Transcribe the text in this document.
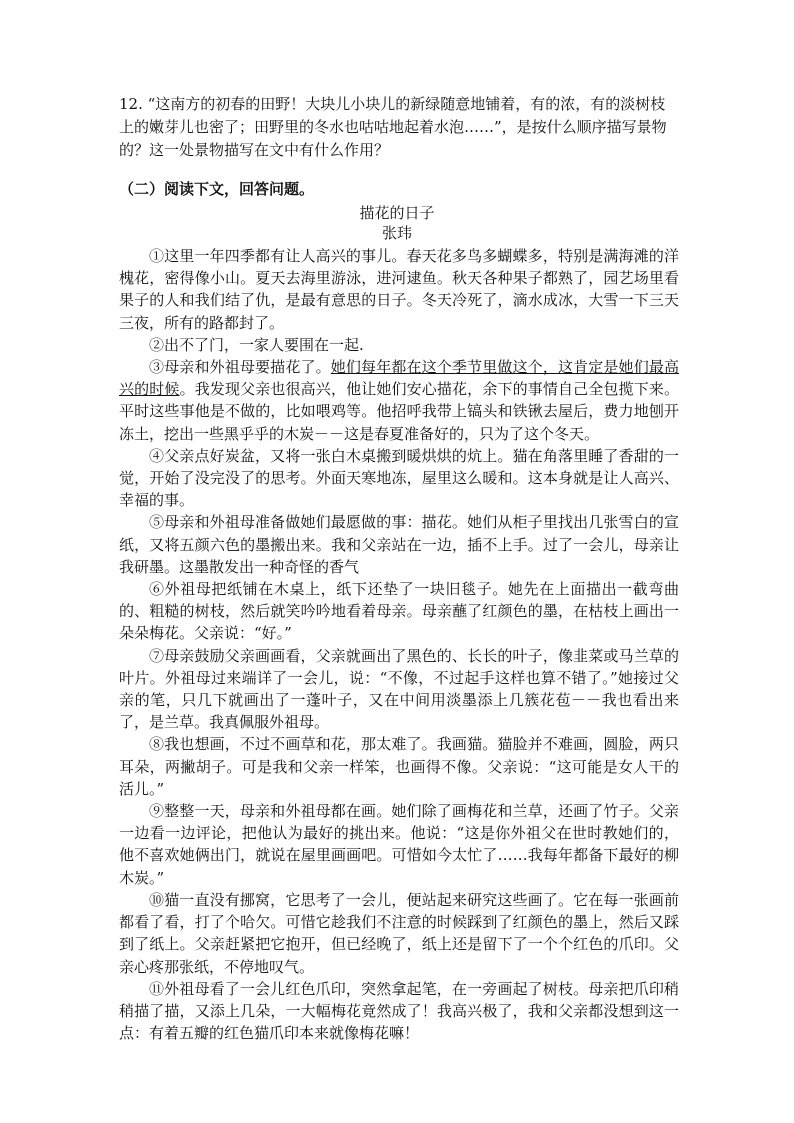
12. “这南方的初春的田野！大块儿小块儿的新绿随意地铺着，有的浓，有的淡树枝上的嫩芽儿也密了；田野里的冬水也咕咕地起着水泡……”，是按什么顺序描写景物的？这一处景物描写在文中有什么作用？
（二）阅读下文，回答问题。
描花的日子
张玮

①这里一年四季都有让人高兴的事儿。春天花多鸟多蝴蝶多，特别是满海滩的洋槐花，密得像小山。夏天去海里游泳，进河逮鱼。秋天各种果子都熟了，园艺场里看果子的人和我们结了仇，是最有意思的日子。冬天冷死了，滴水成冰，大雪一下三天三夜，所有的路都封了。

②出不了门，一家人要围在一起.

③母亲和外祖母要描花了。她们每年都在这个季节里做这个，这肯定是她们最高兴的时候。我发现父亲也很高兴，他让她们安心描花，余下的事情自己全包揽下来。平时这些事他是不做的，比如喂鸡等。他招呼我带上镐头和铁锹去屋后，费力地刨开冻土，挖出一些黑乎乎的木炭－－这是春夏准备好的，只为了这个冬天。

④父亲点好炭盆，又将一张白木桌搬到暖烘烘的炕上。猫在角落里睡了香甜的一觉，开始了没完没了的思考。外面天寒地冻，屋里这么暖和。这本身就是让人高兴、幸福的事。

⑤母亲和外祖母准备做她们最愿做的事：描花。她们从柜子里找出几张雪白的宣纸，又将五颜六色的墨搬出来。我和父亲站在一边，插不上手。过了一会儿，母亲让我研墨。这墨散发出一种奇怪的香气

⑥外祖母把纸铺在木桌上，纸下还垫了一块旧毯子。她先在上面描出一截弯曲的、粗糙的树枝，然后就笑吟吟地看着母亲。母亲蘸了红颜色的墨，在枯枝上画出一朵朵梅花。父亲说：“好。”

⑦母亲鼓励父亲画画看，父亲就画出了黑色的、长长的叶子，像韭菜或马兰草的叶片。外祖母过来端详了一会儿，说：“不像，不过起手这样也算不错了。”她接过父亲的笔，只几下就画出了一蓬叶子，又在中间用淡墨添上几簇花苞－－我也看出来了，是兰草。我真佩服外祖母。

⑧我也想画，不过不画草和花，那太难了。我画猫。猫脸并不难画，圆脸，两只耳朵，两撇胡子。可是我和父亲一样笨，也画得不像。父亲说：“这可能是女人干的活儿。”

⑨整整一天，母亲和外祖母都在画。她们除了画梅花和兰草，还画了竹子。父亲一边看一边评论，把他认为最好的挑出来。他说：“这是你外祖父在世时教她们的，他不喜欢她俩出门，就说在屋里画画吧。可惜如今太忙了……我每年都备下最好的柳木炭。”

⑩猫一直没有挪窝，它思考了一会儿，便站起来研究这些画了。它在每一张画前都看了看，打了个哈欠。可惜它趁我们不注意的时候踩到了红颜色的墨上，然后又踩到了纸上。父亲赶紧把它抱开，但已经晚了，纸上还是留下了一个个红色的爪印。父亲心疼那张纸，不停地叹气。

⑪外祖母看了一会儿红色爪印，突然拿起笔，在一旁画起了树枝。母亲把爪印稍稍描了描，又添上几朵，一大幅梅花竟然成了！我高兴极了，我和父亲都没想到这一点：有着五瓣的红色猫爪印本来就像梅花嘛！
